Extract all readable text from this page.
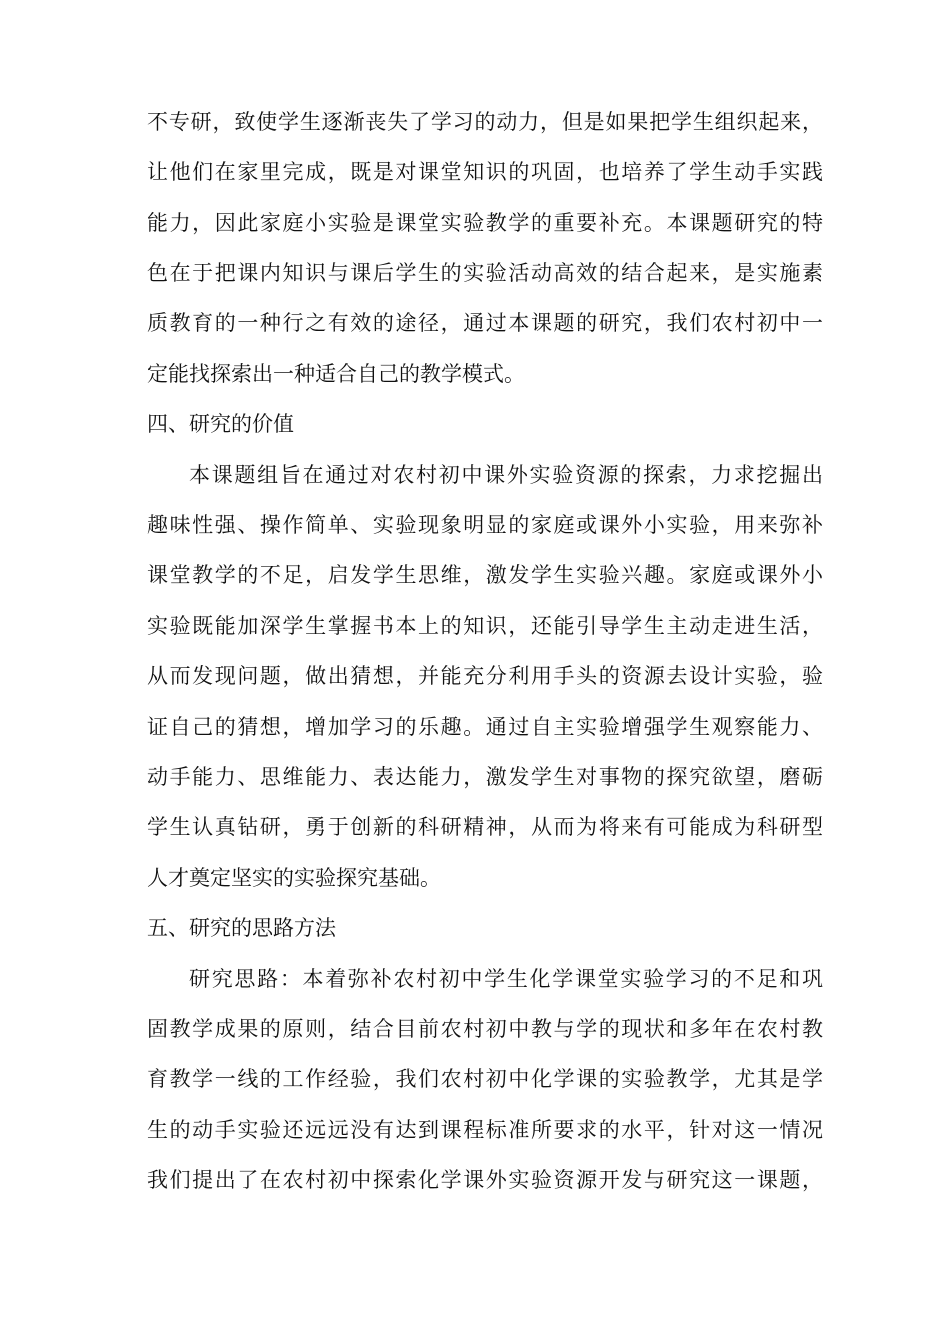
不专研，致使学生逐渐丧失了学习的动力，但是如果把学生组织起来，
让他们在家里完成，既是对课堂知识的巩固，也培养了学生动手实践
能力，因此家庭小实验是课堂实验教学的重要补充。本课题研究的特
色在于把课内知识与课后学生的实验活动高效的结合起来，是实施素
质教育的一种行之有效的途径，通过本课题的研究，我们农村初中一
定能找探索出一种适合自己的教学模式。
四、研究的价值
本课题组旨在通过对农村初中课外实验资源的探索，力求挖掘出
趣味性强、操作简单、实验现象明显的家庭或课外小实验，用来弥补
课堂教学的不足，启发学生思维，激发学生实验兴趣。家庭或课外小
实验既能加深学生掌握书本上的知识，还能引导学生主动走进生活，
从而发现问题，做出猜想，并能充分利用手头的资源去设计实验，验
证自己的猜想，增加学习的乐趣。通过自主实验增强学生观察能力、
动手能力、思维能力、表达能力，激发学生对事物的探究欲望，磨砺
学生认真钻研，勇于创新的科研精神，从而为将来有可能成为科研型
人才奠定坚实的实验探究基础。
五、研究的思路方法
研究思路：本着弥补农村初中学生化学课堂实验学习的不足和巩
固教学成果的原则，结合目前农村初中教与学的现状和多年在农村教
育教学一线的工作经验，我们农村初中化学课的实验教学，尤其是学
生的动手实验还远远没有达到课程标准所要求的水平，针对这一情况
我们提出了在农村初中探索化学课外实验资源开发与研究这一课题，
